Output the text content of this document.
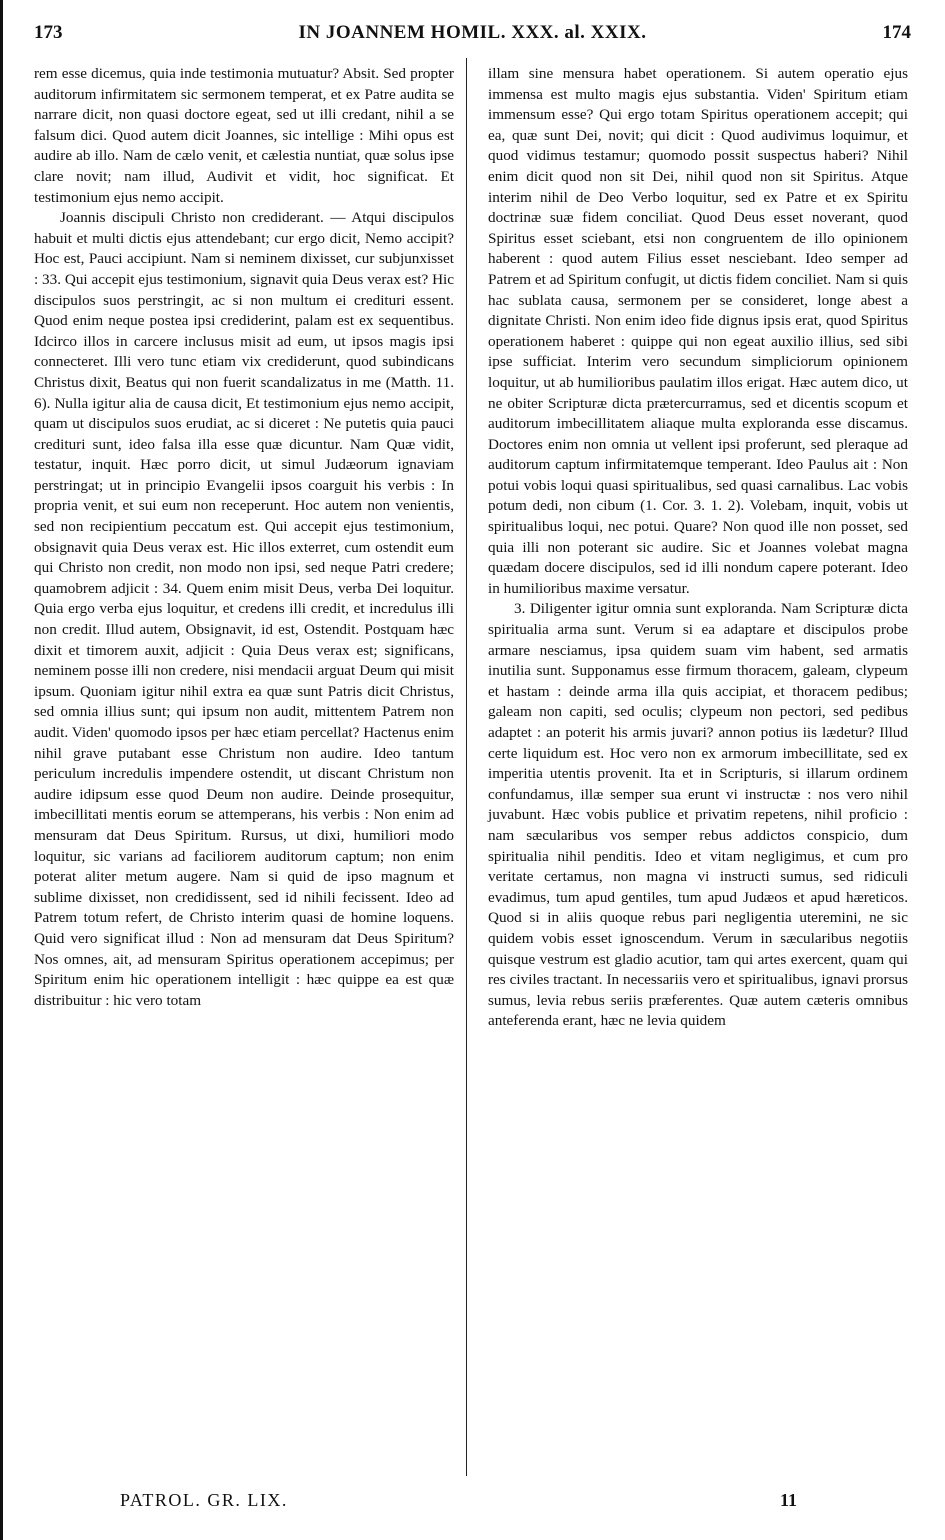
173	IN JOANNEM HOMIL. XXX. al. XXIX.	174

rem esse dicemus, quia inde testimonia mutuatur? Absit. Sed propter auditorum infirmitatem sic sermonem temperat, et ex Patre audita se narrare dicit, non quasi doctore egeat, sed ut illi credant, nihil a se falsum dici. Quod autem dicit Joannes, sic intellige : Mihi opus est audire ab illo. Nam de cælo venit, et cælestia nuntiat, quæ solus ipse clare novit; nam illud, Audivit et vidit, hoc significat. Et testimonium ejus nemo accipit.

Joannis discipuli Christo non crediderant. — Atqui discipulos habuit et multi dictis ejus attendebant; cur ergo dicit, Nemo accipit? Hoc est, Pauci accipiunt. Nam si neminem dixisset, cur subjunxisset : 33. Qui accepit ejus testimonium, signavit quia Deus verax est? Hic discipulos suos perstringit, ac si non multum ei credituri essent. Quod enim neque postea ipsi crediderint, palam est ex sequentibus. Idcirco illos in carcere inclusus misit ad eum, ut ipsos magis ipsi connecteret. Illi vero tunc etiam vix crediderunt, quod subindicans Christus dixit, Beatus qui non fuerit scandalizatus in me (Matth. 11. 6). Nulla igitur alia de causa dicit, Et testimonium ejus nemo accipit, quam ut discipulos suos erudiat, ac si diceret : Ne putetis quia pauci credituri sunt, ideo falsa illa esse quæ dicuntur. Nam Quæ vidit, testatur, inquit. Hæc porro dicit, ut simul Judæorum ignaviam perstringat; ut in principio Evangelii ipsos coarguit his verbis : In propria venit, et sui eum non receperunt. Hoc autem non venientis, sed non recipientium peccatum est. Qui accepit ejus testimonium, obsignavit quia Deus verax est. Hic illos exterret, cum ostendit eum qui Christo non credit, non modo non ipsi, sed neque Patri credere; quamobrem adjicit : 34. Quem enim misit Deus, verba Dei loquitur. Quia ergo verba ejus loquitur, et credens illi credit, et incredulus illi non credit. Illud autem, Obsignavit, id est, Ostendit. Postquam hæc dixit et timorem auxit, adjicit : Quia Deus verax est; significans, neminem posse illi non credere, nisi mendacii arguat Deum qui misit ipsum. Quoniam igitur nihil extra ea quæ sunt Patris dicit Christus, sed omnia illius sunt; qui ipsum non audit, mittentem Patrem non audit. Viden' quomodo ipsos per hæc etiam percellat? Hactenus enim nihil grave putabant esse Christum non audire. Ideo tantum periculum incredulis impendere ostendit, ut discant Christum non audire idipsum esse quod Deum non audire. Deinde prosequitur, imbecillitati mentis eorum se attemperans, his verbis : Non enim ad mensuram dat Deus Spiritum. Rursus, ut dixi, humiliori modo loquitur, sic varians ad faciliorem auditorum captum; non enim poterat aliter metum augere. Nam si quid de ipso magnum et sublime dixisset, non credidissent, sed id nihili fecissent. Ideo ad Patrem totum refert, de Christo interim quasi de homine loquens. Quid vero significat illud : Non ad mensuram dat Deus Spiritum? Nos omnes, ait, ad mensuram Spiritus operationem accepimus; per Spiritum enim hic operationem intelligit : hæc quippe ea est quæ distribuitur : hic vero totam

illam sine mensura habet operationem. Si autem operatio ejus immensa est multo magis ejus substantia. Viden' Spiritum etiam immensum esse? Qui ergo totam Spiritus operationem accepit; qui ea, quæ sunt Dei, novit; qui dicit : Quod audivimus loquimur, et quod vidimus testamur; quomodo possit suspectus haberi? Nihil enim dicit quod non sit Dei, nihil quod non sit Spiritus. Atque interim nihil de Deo Verbo loquitur, sed ex Patre et ex Spiritu doctrinæ suæ fidem conciliat. Quod Deus esset noverant, quod Spiritus esset sciebant, etsi non congruentem de illo opinionem haberent : quod autem Filius esset nesciebant. Ideo semper ad Patrem et ad Spiritum confugit, ut dictis fidem conciliet. Nam si quis hac sublata causa, sermonem per se consideret, longe abest a dignitate Christi. Non enim ideo fide dignus ipsis erat, quod Spiritus operationem haberet : quippe qui non egeat auxilio illius, sed sibi ipse sufficiat. Interim vero secundum simpliciorum opinionem loquitur, ut ab humilioribus paulatim illos erigat. Hæc autem dico, ut ne obiter Scripturæ dicta prætercurramus, sed et dicentis scopum et auditorum imbecillitatem aliaque multa exploranda esse discamus. Doctores enim non omnia ut vellent ipsi proferunt, sed pleraque ad auditorum captum infirmitatemque temperant. Ideo Paulus ait : Non potui vobis loqui quasi spiritualibus, sed quasi carnalibus. Lac vobis potum dedi, non cibum (1. Cor. 3. 1. 2). Volebam, inquit, vobis ut spiritualibus loqui, nec potui. Quare? Non quod ille non posset, sed quia illi non poterant sic audire. Sic et Joannes volebat magna quædam docere discipulos, sed id illi nondum capere poterant. Ideo in humilioribus maxime versatur.

3. Diligenter igitur omnia sunt exploranda. Nam Scripturæ dicta spiritualia arma sunt. Verum si ea adaptare et discipulos probe armare nesciamus, ipsa quidem suam vim habent, sed armatis inutilia sunt. Supponamus esse firmum thoracem, galeam, clypeum et hastam : deinde arma illa quis accipiat, et thoracem pedibus; galeam non capiti, sed oculis; clypeum non pectori, sed pedibus adaptet : an poterit his armis juvari? annon potius iis lædetur? Illud certe liquidum est. Hoc vero non ex armorum imbecillitate, sed ex imperitia utentis provenit. Ita et in Scripturis, si illarum ordinem confundamus, illæ semper sua erunt vi instructæ : nos vero nihil juvabunt. Hæc vobis publice et privatim repetens, nihil proficio : nam sæcularibus vos semper rebus addictos conspicio, dum spiritualia nihil penditis. Ideo et vitam negligimus, et cum pro veritate certamus, non magna vi instructi sumus, sed ridiculi evadimus, tum apud gentiles, tum apud Judæos et apud hæreticos. Quod si in aliis quoque rebus pari negligentia uteremini, ne sic quidem vobis esset ignoscendum. Verum in sæcularibus negotiis quisque vestrum est gladio acutior, tam qui artes exercent, quam qui res civiles tractant. In necessariis vero et spiritualibus, ignavi prorsus sumus, levia rebus seriis præferentes. Quæ autem cæteris omnibus anteferenda erant, hæc ne levia quidem

PATROL. GR. LIX.	11
